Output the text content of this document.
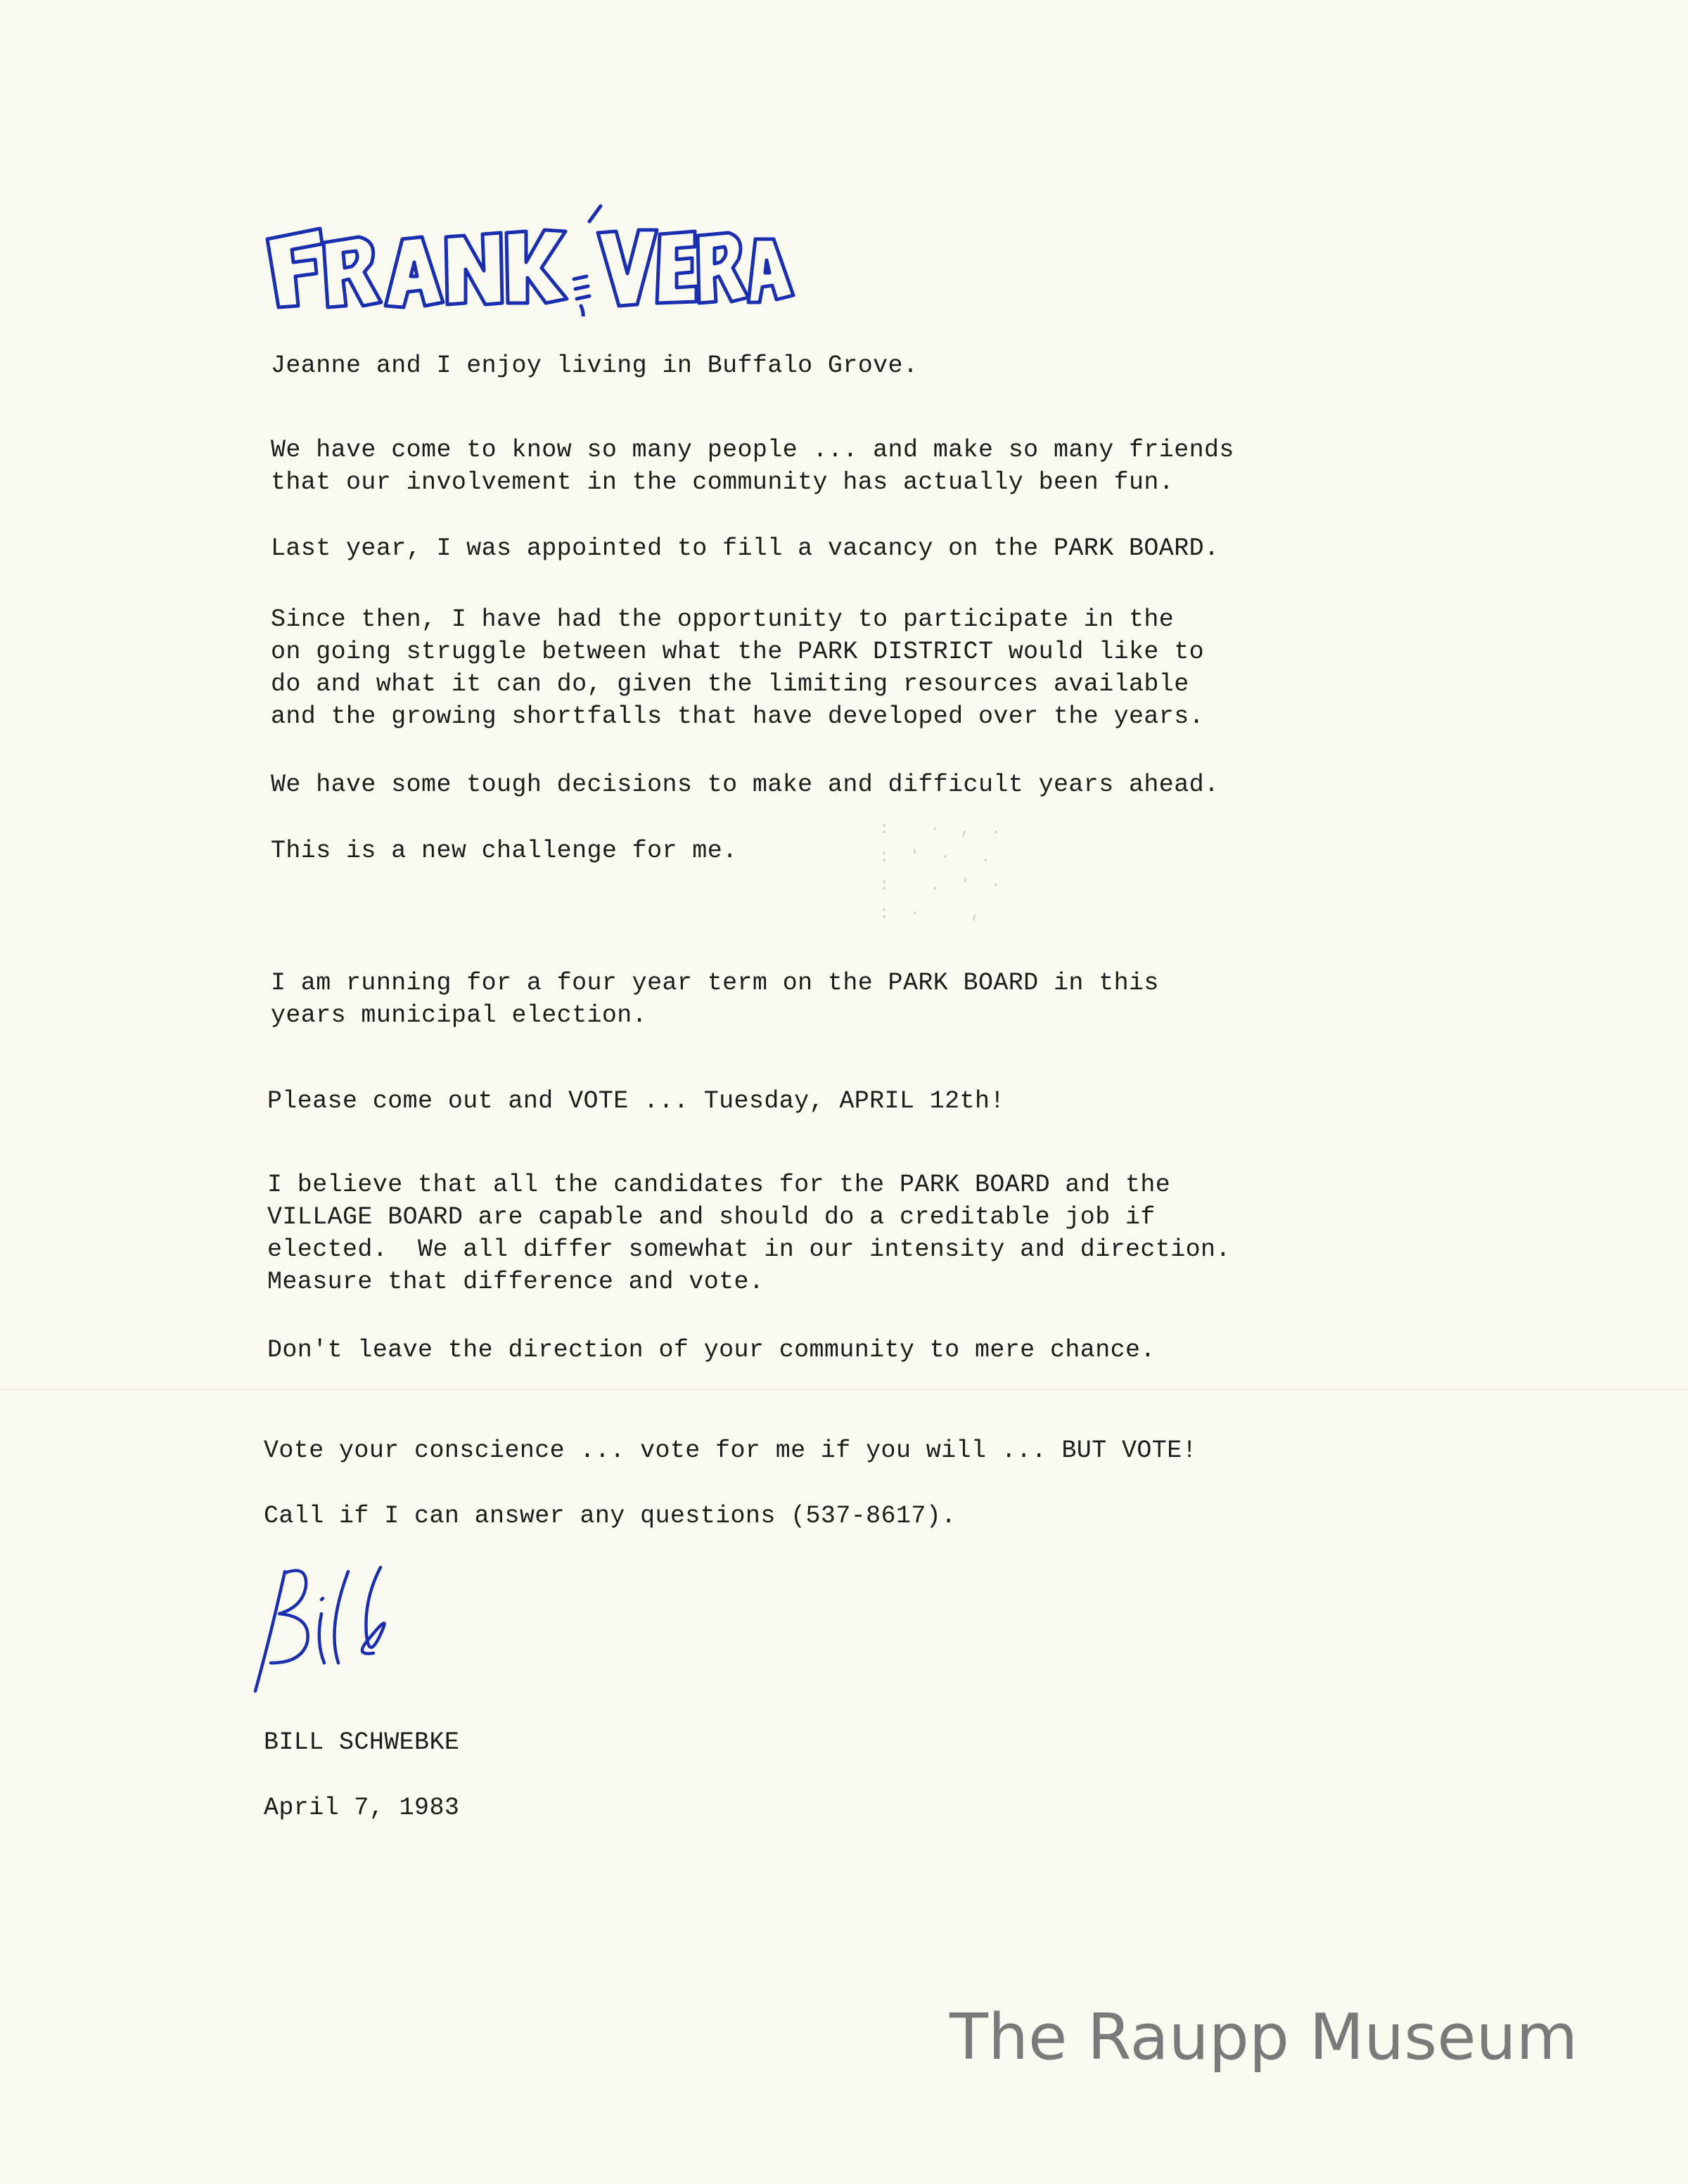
:    ·  ,  .
:  '  ·   .
:    .  '  ·
:  ·     ,

Jeanne and I enjoy living in Buffalo Grove.

We have come to know so many people ... and make so many friends
that our involvement in the community has actually been fun.

Last year, I was appointed to fill a vacancy on the PARK BOARD.

Since then, I have had the opportunity to participate in the
on going struggle between what the PARK DISTRICT would like to
do and what it can do, given the limiting resources available
and the growing shortfalls that have developed over the years.

We have some tough decisions to make and difficult years ahead.

This is a new challenge for me.

I am running for a four year term on the PARK BOARD in this
years municipal election.

Please come out and VOTE ... Tuesday, APRIL 12th!

I believe that all the candidates for the PARK BOARD and the
VILLAGE BOARD are capable and should do a creditable job if
elected.  We all differ somewhat in our intensity and direction.
Measure that difference and vote.

Don't leave the direction of your community to mere chance.

Vote your conscience ... vote for me if you will ... BUT VOTE!

Call if I can answer any questions (537-8617).

BILL SCHWEBKE

April 7, 1983

The Raupp Museum
